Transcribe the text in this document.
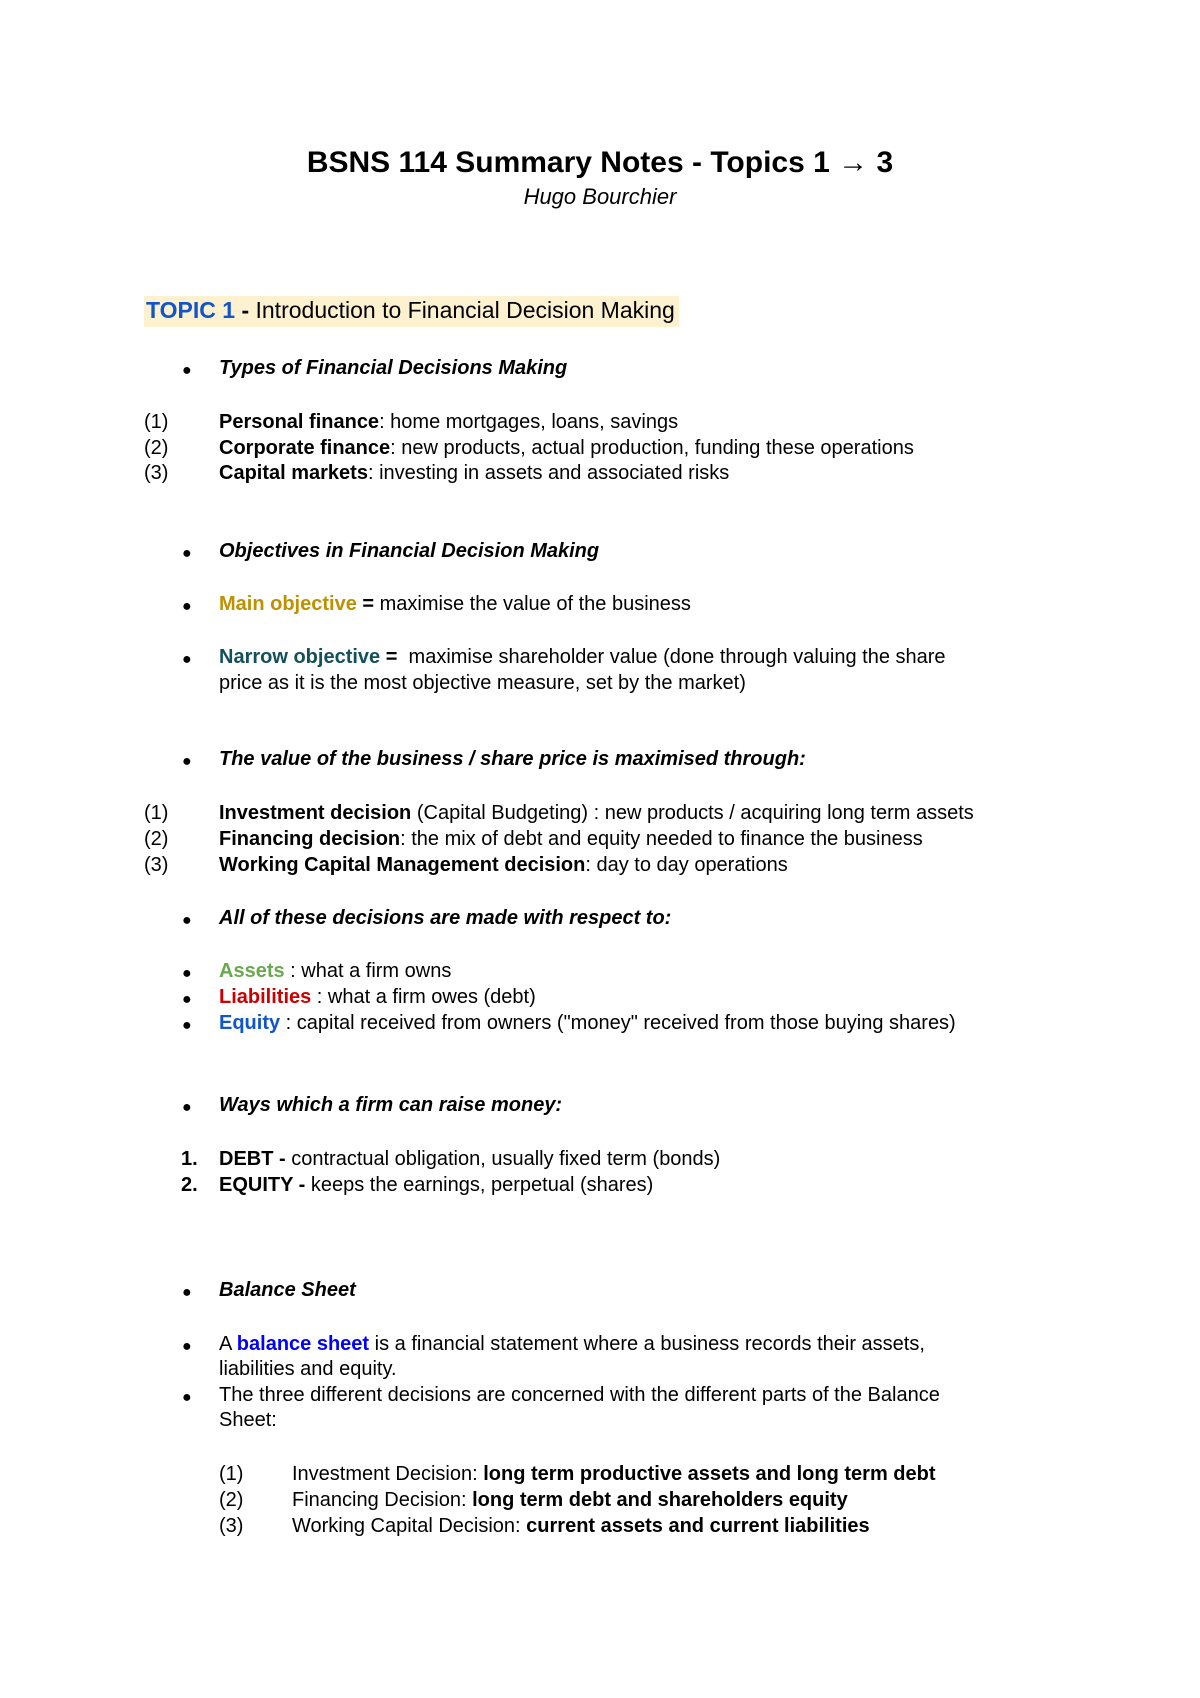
BSNS 114 Summary Notes - Topics 1 → 3
Hugo Bourchier
TOPIC 1 - Introduction to Financial Decision Making
● Types of Financial Decisions Making
(1)	Personal finance: home mortgages, loans, savings
(2)	Corporate finance: new products, actual production, funding these operations
(3)	Capital markets: investing in assets and associated risks
● Objectives in Financial Decision Making
● Main objective = maximise the value of the business
● Narrow objective = maximise shareholder value (done through valuing the share
price as it is the most objective measure, set by the market)
● The value of the business / share price is maximised through:
(1)	Investment decision (Capital Budgeting) : new products / acquiring long term assets
(2)	Financing decision: the mix of debt and equity needed to finance the business
(3)	Working Capital Management decision: day to day operations
● All of these decisions are made with respect to:
● Assets : what a firm owns
● Liabilities : what a firm owes (debt)
● Equity : capital received from owners ("money" received from those buying shares)
● Ways which a firm can raise money:
1. DEBT - contractual obligation, usually fixed term (bonds)
2. EQUITY - keeps the earnings, perpetual (shares)
● Balance Sheet
● A balance sheet is a financial statement where a business records their assets,
liabilities and equity.
● The three different decisions are concerned with the different parts of the Balance
Sheet:
(1) Investment Decision: long term productive assets and long term debt
(2) Financing Decision: long term debt and shareholders equity
(3) Working Capital Decision: current assets and current liabilities
